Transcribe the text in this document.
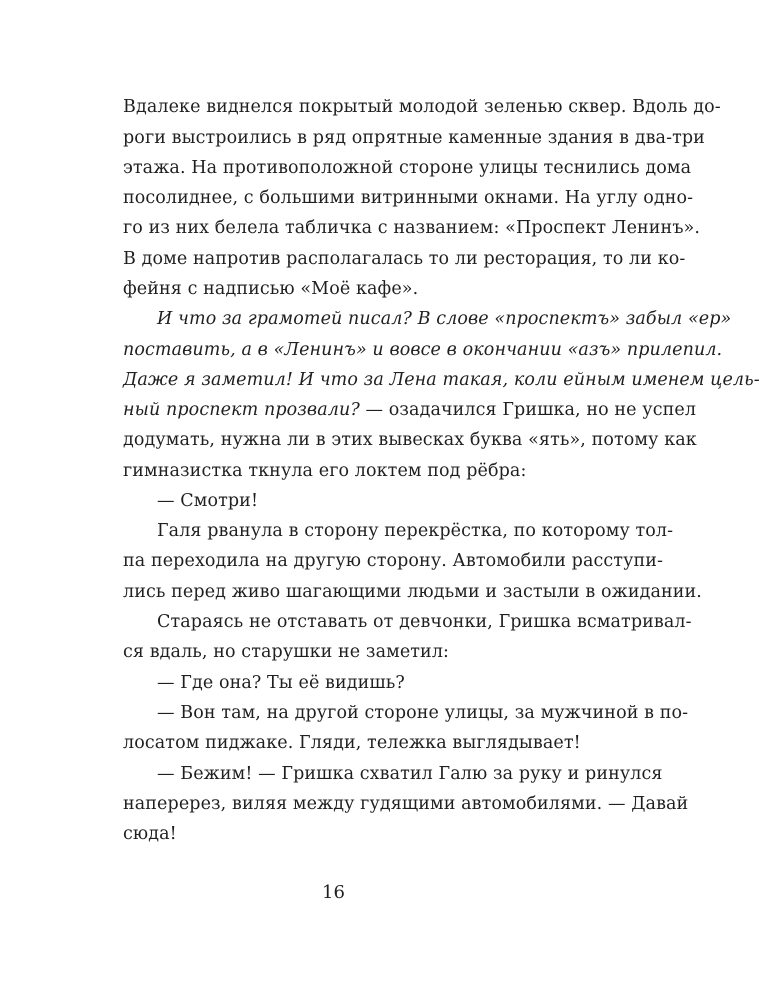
Вдалеке виднелся покрытый молодой зеленью сквер. Вдоль до-
роги выстроились в ряд опрятные каменные здания в два-три
этажа. На противоположной стороне улицы теснились дома
посолиднее, с большими витринными окнами. На углу одно-
го из них белела табличка с названием: «Проспект Ленинъ».
В доме напротив располагалась то ли ресторация, то ли ко-
фейня с надписью «Моё кафе».
И что за грамотей писал? В слове «проспектъ» забыл «ер»
поставить, а в «Ленинъ» и вовсе в окончании «азъ» прилепил.
Даже я заметил! И что за Лена такая, коли ейным именем цель-
ный проспект прозвали? — озадачился Гришка, но не успел
додумать, нужна ли в этих вывесках буква «ять», потому как
гимназистка ткнула его локтем под рёбра:
— Смотри!
Галя рванула в сторону перекрёстка, по которому тол-
па переходила на другую сторону. Автомобили расступи-
лись перед живо шагающими людьми и застыли в ожидании.
Стараясь не отставать от девчонки, Гришка всматривал-
ся вдаль, но старушки не заметил:
— Где она? Ты её видишь?
— Вон там, на другой стороне улицы, за мужчиной в по-
лосатом пиджаке. Гляди, тележка выглядывает!
— Бежим! — Гришка схватил Галю за руку и ринулся
наперерез, виляя между гудящими автомобилями. — Давай
сюда!
16
